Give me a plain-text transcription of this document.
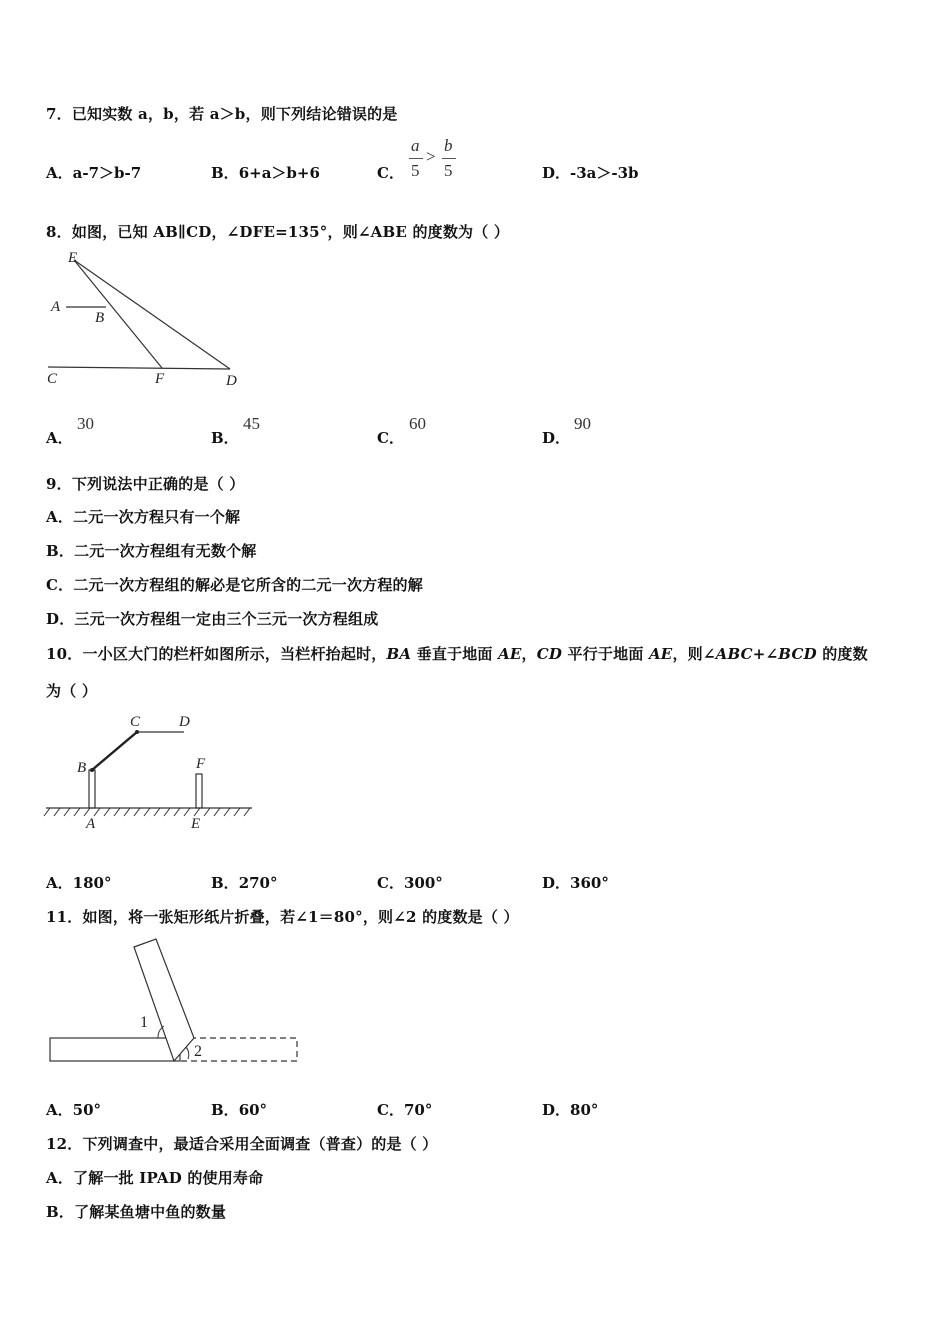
7．已知实数 a，b，若 a＞b，则下列结论错误的是
A．a-7＞b-7	B．6+a＞b+6	C．
a
5
>
b
5	D．-3a＞-3b
8．如图，已知 AB∥CD，∠DFE=135°，则∠ABE 的度数为（ ）
E
A
B
C	F	D
A．
30
B．
45
C．
60
D．
90
9．下列说法中正确的是（ ）
A．二元一次方程只有一个解
B．二元一次方程组有无数个解
C．二元一次方程组的解必是它所含的二元一次方程的解
D．三元一次方程组一定由三个三元一次方程组成
10．一小区大门的栏杆如图所示，当栏杆抬起时，BA 垂直于地面 AE，CD 平行于地面 AE，则∠ABC+∠BCD 的度数
为（ ）
C	D
B	F
A	E
A．180°	B．270°	C．300°	D．360°
11．如图，将一张矩形纸片折叠，若∠1＝80°，则∠2 的度数是（ ）
1
2
A．50°	B．60°	C．70°	D．80°
12．下列调查中，最适合采用全面调查（普查）的是（ ）
A．了解一批 IPAD 的使用寿命
B．了解某鱼塘中鱼的数量
